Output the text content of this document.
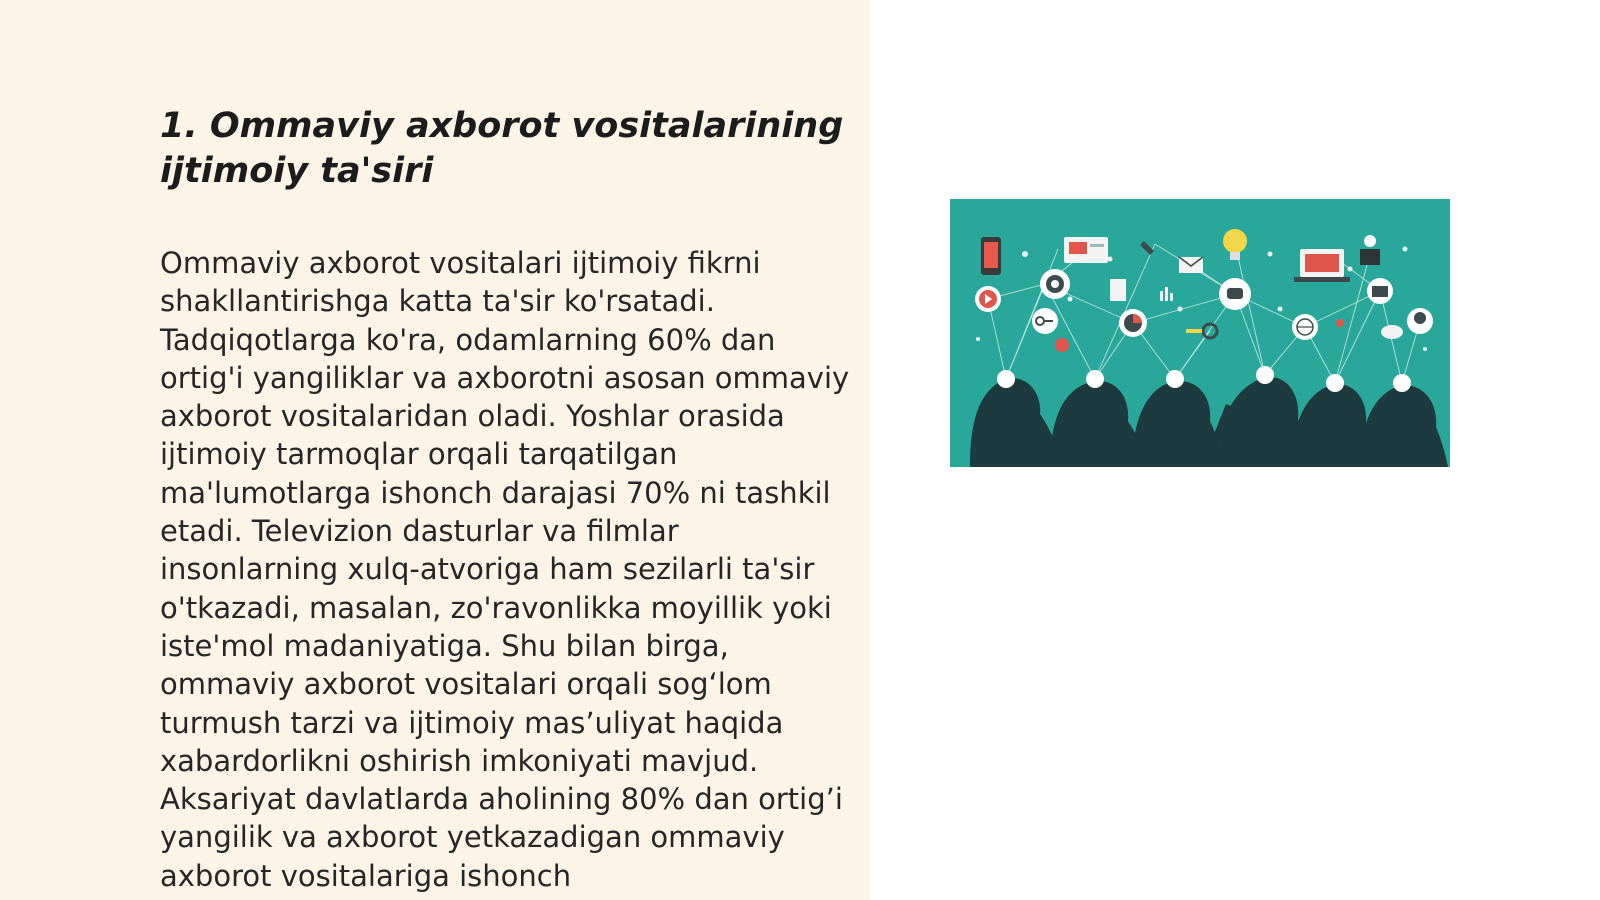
1. Ommaviy axborot vositalarining ijtimoiy ta'siri

Ommaviy axborot vositalari ijtimoiy fikrni shakllantirishga katta ta'sir ko'rsatadi. Tadqiqotlarga ko'ra, odamlarning 60% dan ortig'i yangiliklar va axborotni asosan ommaviy axborot vositalaridan oladi. Yoshlar orasida ijtimoiy tarmoqlar orqali tarqatilgan ma'lumotlarga ishonch darajasi 70% ni tashkil etadi. Televizion dasturlar va filmlar insonlarning xulq-atvoriga ham sezilarli ta'sir o'tkazadi, masalan, zo'ravonlikka moyillik yoki iste'mol madaniyatiga. Shu bilan birga, ommaviy axborot vositalari orqali sog‘lom turmush tarzi va ijtimoiy mas’uliyat haqida xabardorlikni oshirish imkoniyati mavjud. Aksariyat davlatlarda aholining 80% dan ortig’i yangilik va axborot yetkazadigan ommaviy axborot vositalariga ishonch
